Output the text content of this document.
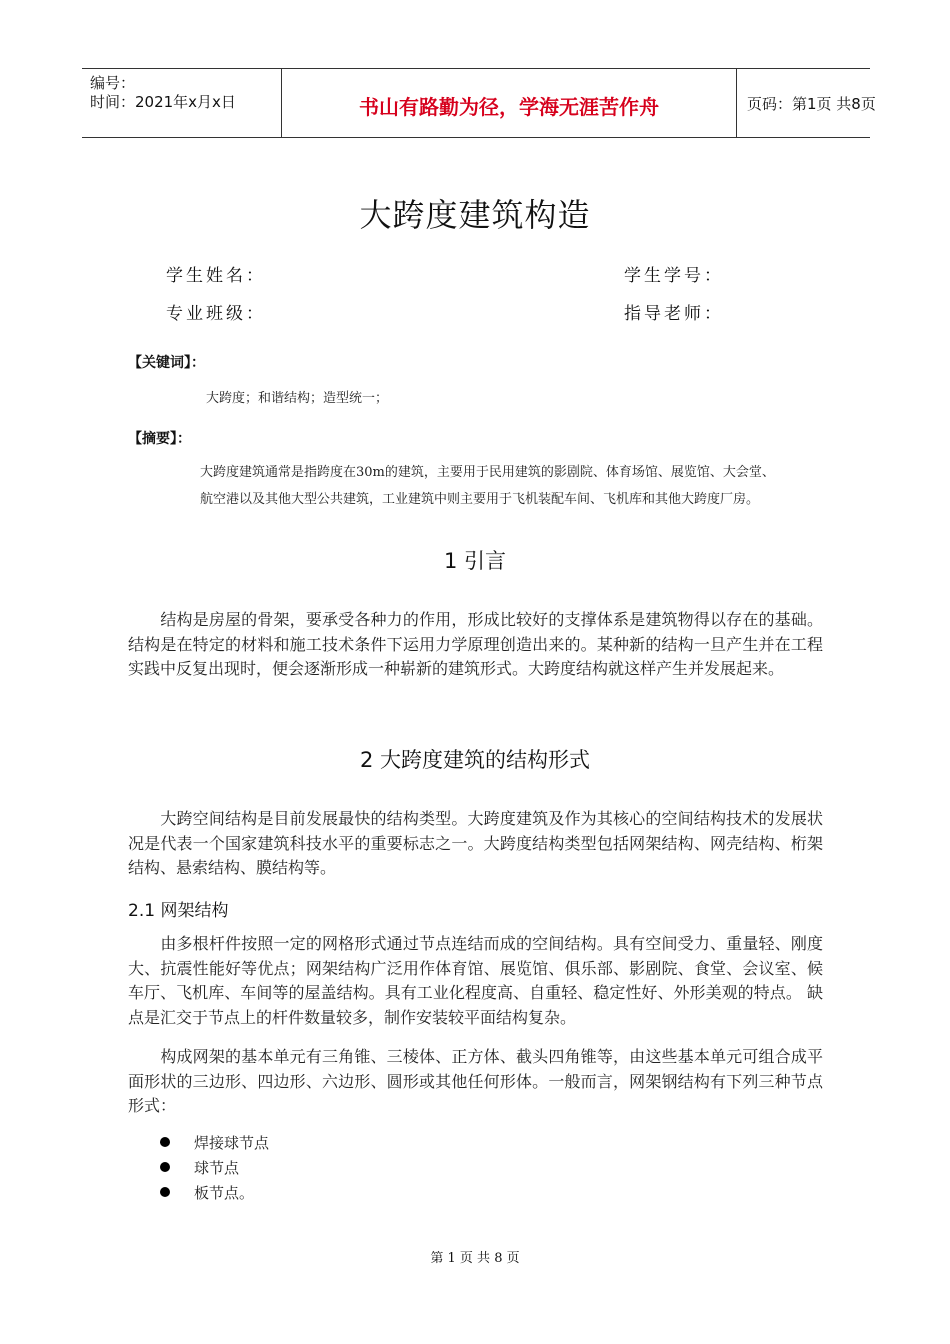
编号：
时间：2021年x月x日	书山有路勤为径，学海无涯苦作舟	页码：第1页 共8页
大跨度建筑构造
学生姓名：	学生学号：
专业班级：	指导老师：
【关键词】：
大跨度；和谐结构；造型统一；
【摘要】：
大跨度建筑通常是指跨度在30m的建筑，主要用于民用建筑的影剧院、体育场馆、展览馆、大会堂、
航空港以及其他大型公共建筑，工业建筑中则主要用于飞机装配车间、飞机库和其他大跨度厂房。
1 引言
　　结构是房屋的骨架，要承受各种力的作用，形成比较好的支撑体系是建筑物得以存在的基础。结构是在特定的材料和施工技术条件下运用力学原理创造出来的。某种新的结构一旦产生并在工程实践中反复出现时，便会逐渐形成一种崭新的建筑形式。大跨度结构就这样产生并发展起来。
2 大跨度建筑的结构形式
　　大跨空间结构是目前发展最快的结构类型。大跨度建筑及作为其核心的空间结构技术的发展状况是代表一个国家建筑科技水平的重要标志之一。大跨度结构类型包括网架结构、网壳结构、桁架结构、悬索结构、膜结构等。
2.1 网架结构
　　由多根杆件按照一定的网格形式通过节点连结而成的空间结构。具有空间受力、重量轻、刚度大、抗震性能好等优点；网架结构广泛用作体育馆、展览馆、俱乐部、影剧院、食堂、会议室、候车厅、飞机库、车间等的屋盖结构。具有工业化程度高、自重轻、稳定性好、外形美观的特点。 缺点是汇交于节点上的杆件数量较多，制作安装较平面结构复杂。
　　构成网架的基本单元有三角锥、三棱体、正方体、截头四角锥等，由这些基本单元可组合成平面形状的三边形、四边形、六边形、圆形或其他任何形体。一般而言，网架钢结构有下列三种节点形式：
焊接球节点
球节点
板节点。
第 1 页 共 8 页
